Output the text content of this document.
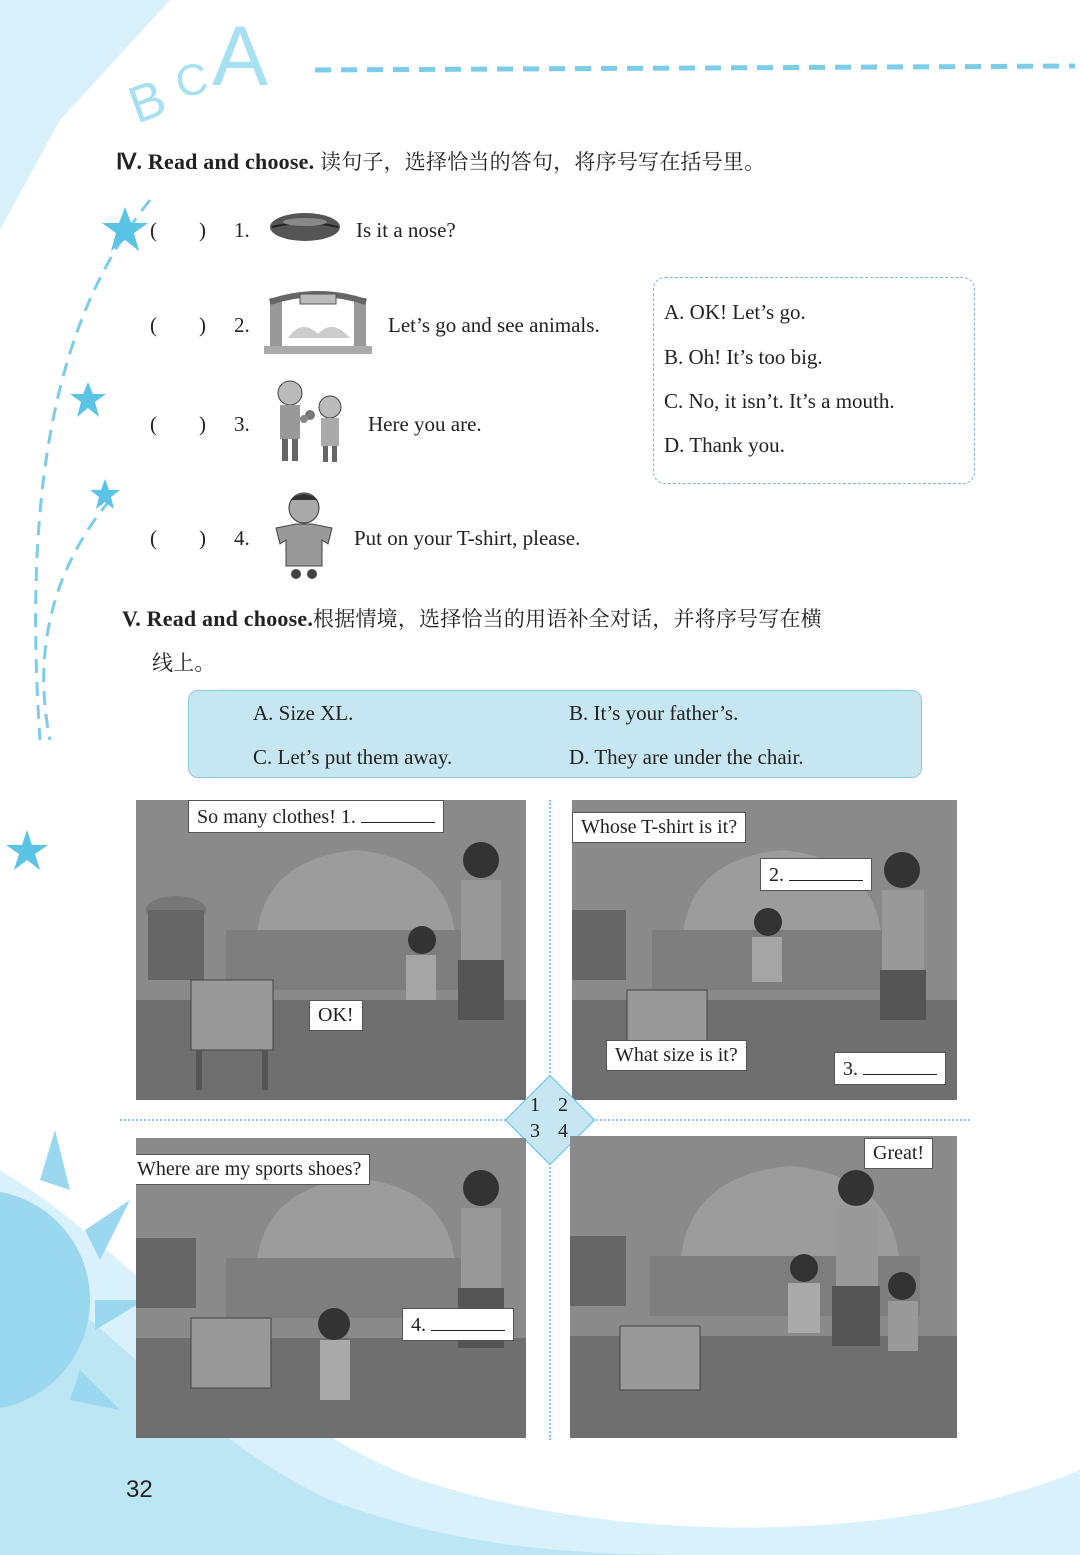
B
C A
Ⅳ. Read and choose. 读句子，选择恰当的答句，将序号写在括号里。
(        )	1.	Is it a nose?
(        )	2.	Let’s go and see animals.
(        )	3.	Here you are.
(        )	4.	Put on your T-shirt, please.
A. OK! Let’s go.
B. Oh! It’s too big.
C. No, it isn’t. It’s a mouth.
D. Thank you.
V. Read and choose.根据情境，选择恰当的用语补全对话，并将序号写在横
线上。
A. Size XL.	B. It’s your father’s.
C. Let’s put them away.	D. They are under the chair.
So many clothes! 1.
OK!
Whose T-shirt is it?
2.
What size is it?
3.
1 2
3 4
Where are my sports shoes?
4.
Great!
32
